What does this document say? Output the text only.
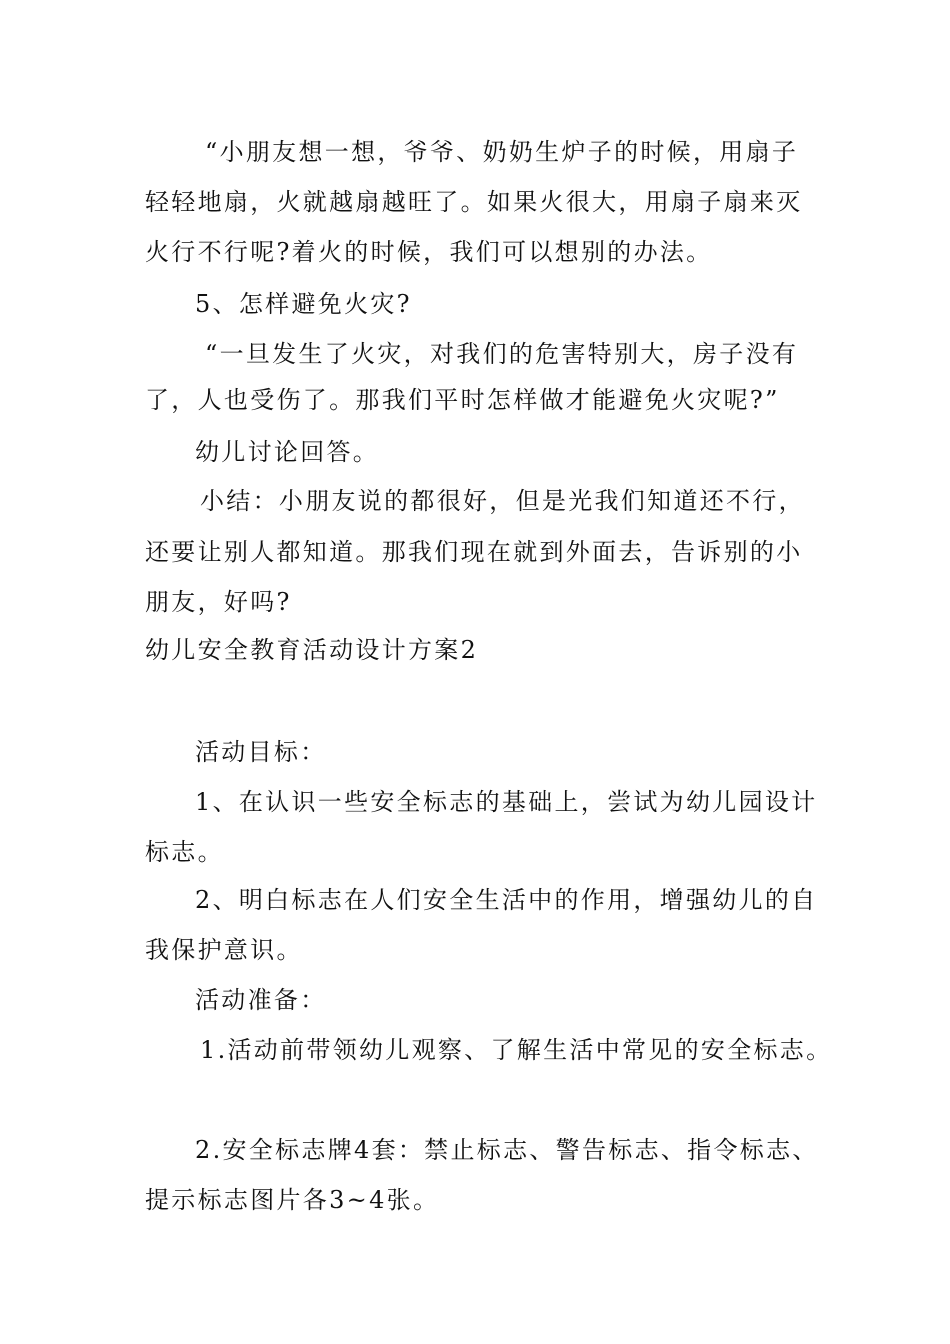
“小朋友想一想，爷爷、奶奶生炉子的时候，用扇子
轻轻地扇，火就越扇越旺了。如果火很大，用扇子扇来灭
火行不行呢?着火的时候，我们可以想别的办法。
5、怎样避免火灾?
“一旦发生了火灾，对我们的危害特别大，房子没有
了，人也受伤了。那我们平时怎样做才能避免火灾呢?”
幼儿讨论回答。
小结：小朋友说的都很好，但是光我们知道还不行，
还要让别人都知道。那我们现在就到外面去，告诉别的小
朋友，好吗?
幼儿安全教育活动设计方案2
活动目标：
1、在认识一些安全标志的基础上，尝试为幼儿园设计
标志。
2、明白标志在人们安全生活中的作用，增强幼儿的自
我保护意识。
活动准备：
1.活动前带领幼儿观察、了解生活中常见的安全标志。
2.安全标志牌4套：禁止标志、警告标志、指令标志、
提示标志图片各3~4张。
